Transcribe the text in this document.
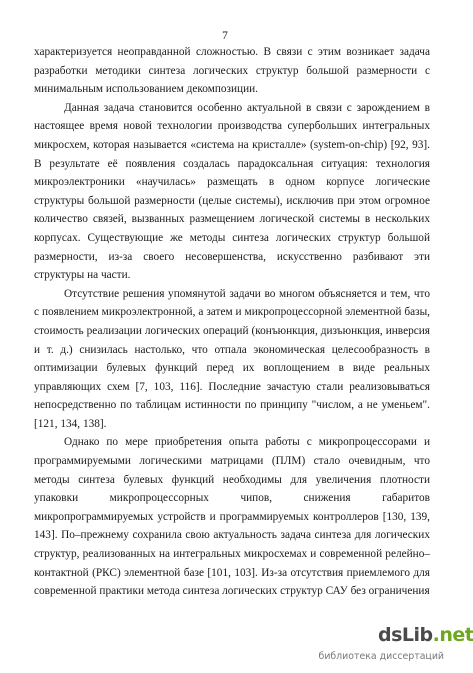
7

характеризуется неоправданной сложностью. В связи с этим возникает задача разработки методики синтеза логических структур большой размерности с минимальным использованием декомпозиции.

Данная задача становится особенно актуальной в связи с зарождением в настоящее время новой технологии производства супербольших интегральных микросхем, которая называется «система на кристалле» (system-on-chip) [92, 93]. В результате её появления создалась парадоксальная ситуация: технология микроэлектроники «научилась» размещать в одном корпусе логические структуры большой размерности (целые системы), исключив при этом огромное количество связей, вызванных размещением логической системы в нескольких корпусах. Существующие же методы синтеза логических структур большой размерности, из-за своего несовершенства, искусственно разбивают эти структуры на части.

Отсутствие решения упомянутой задачи во многом объясняется и тем, что с появлением микроэлектронной, а затем и микропроцессорной элементной базы, стоимость реализации логических операций (конъюнкция, дизъюнкция, инверсия и т. д.) снизилась настолько, что отпала экономическая целесообразность в оптимизации булевых функций перед их воплощением в виде реальных управляющих схем [7, 103, 116]. Последние зачастую стали реализовываться непосредственно по таблицам истинности по принципу "числом, а не уменьем". [121, 134, 138].

Однако по мере приобретения опыта работы с микропроцессорами и программируемыми логическими матрицами (ПЛМ) стало очевидным, что методы синтеза булевых функций необходимы для увеличения плотности упаковки микропроцессорных чипов, снижения габаритов микропрограммируемых устройств и программируемых контроллеров [130, 139, 143]. По–прежнему сохранила свою актуальность задача синтеза для логических структур, реализованных на интегральных микросхемах и современной релейно–контактной (РКС) элементной базе [101, 103]. Из-за отсутствия приемлемого для современной практики метода синтеза логических структур САУ без ограничения

dsLib.net
библиотека диссертаций
